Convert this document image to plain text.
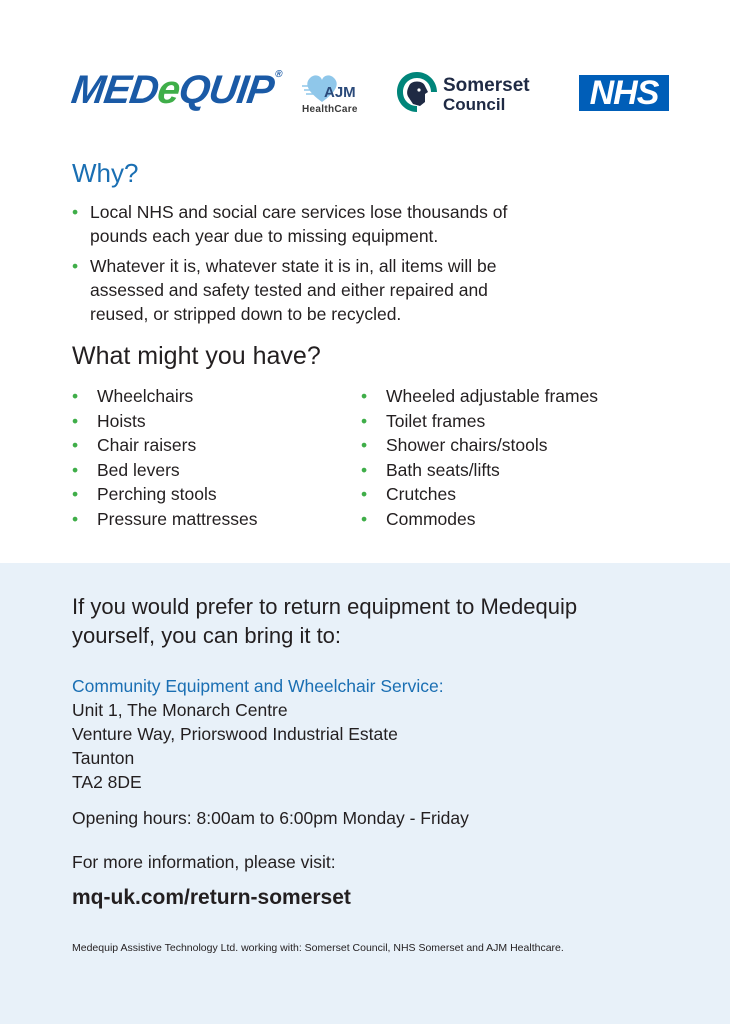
MEDeQUIP®
AJM
HealthCare
Somerset
Council	NHS
Why?
• Local NHS and social care services lose thousands of
pounds each year due to missing equipment.
• Whatever it is, whatever state it is in, all items will be
assessed and safety tested and either repaired and
reused, or stripped down to be recycled.
What might you have?
• Wheelchairs
• Hoists
• Chair raisers
• Bed levers
• Perching stools
• Pressure mattresses
• Wheeled adjustable frames
• Toilet frames
• Shower chairs/stools
• Bath seats/lifts
• Crutches
• Commodes

If you would prefer to return equipment to Medequip
yourself, you can bring it to:

Community Equipment and Wheelchair Service:
Unit 1, The Monarch Centre
Venture Way, Priorswood Industrial Estate
Taunton
TA2 8DE

Opening hours: 8:00am to 6:00pm Monday - Friday
For more information, please visit:
mq-uk.com/return-somerset
Medequip Assistive Technology Ltd. working with: Somerset Council, NHS Somerset and AJM Healthcare.
